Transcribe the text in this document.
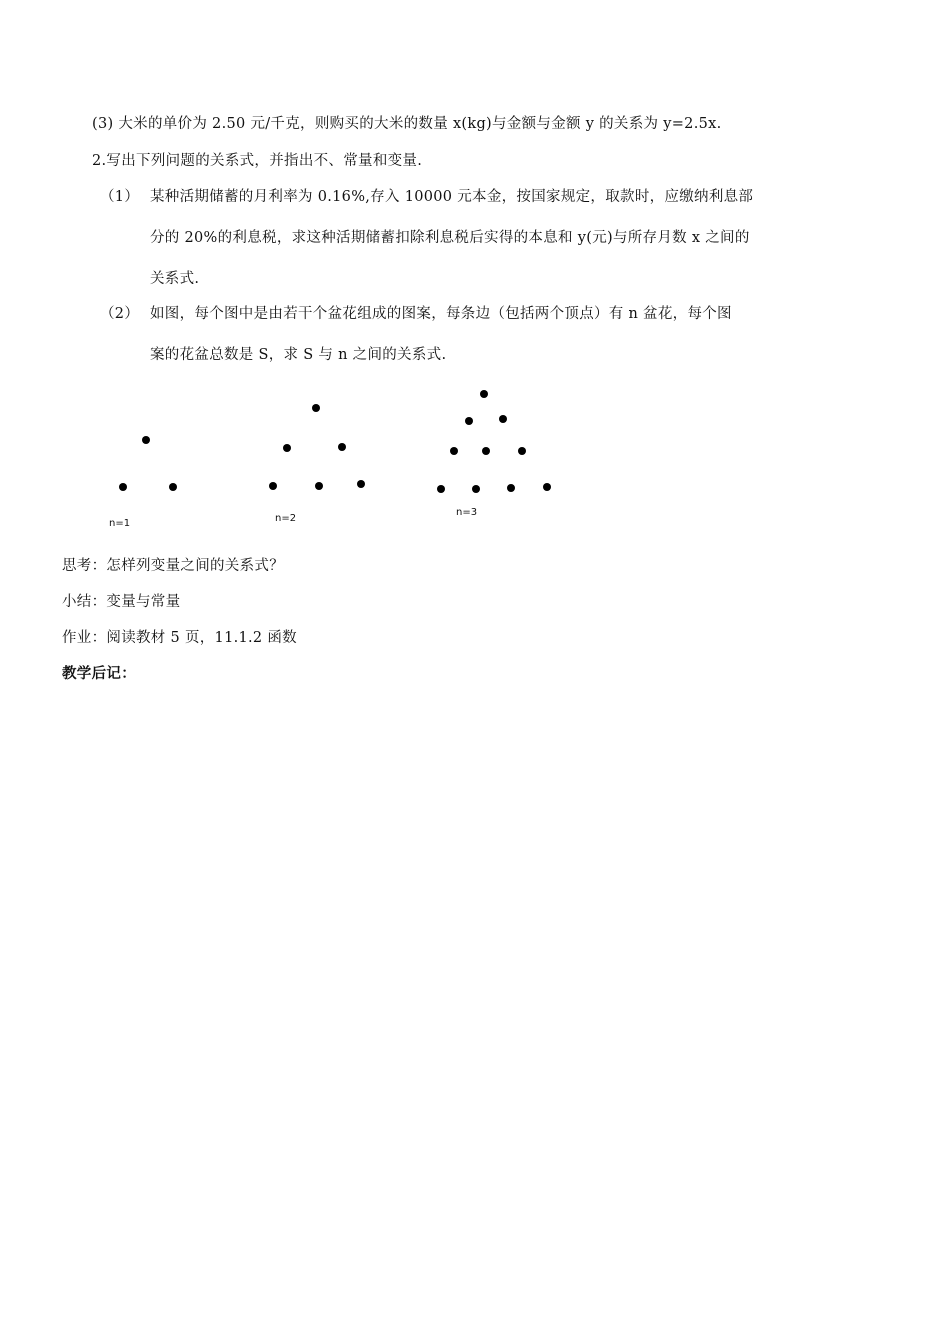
(3) 大米的单价为 2.50 元/千克，则购买的大米的数量 x(kg)与金额与金额 y 的关系为 y=2.5x.
2.写出下列问题的关系式，并指出不、常量和变量.
（1） 某种活期储蓄的月利率为 0.16%,存入 10000 元本金，按国家规定，取款时，应缴纳利息部
分的 20%的利息税，求这种活期储蓄扣除利息税后实得的本息和 y(元)与所存月数 x 之间的
关系式.
（2） 如图，每个图中是由若干个盆花组成的图案，每条边（包括两个顶点）有 n 盆花，每个图
案的花盆总数是 S，求 S 与 n 之间的关系式.
n=1	n=2
n=3
思考：怎样列变量之间的关系式？
小结：变量与常量
作业：阅读教材 5 页，11.1.2 函数
教学后记：
